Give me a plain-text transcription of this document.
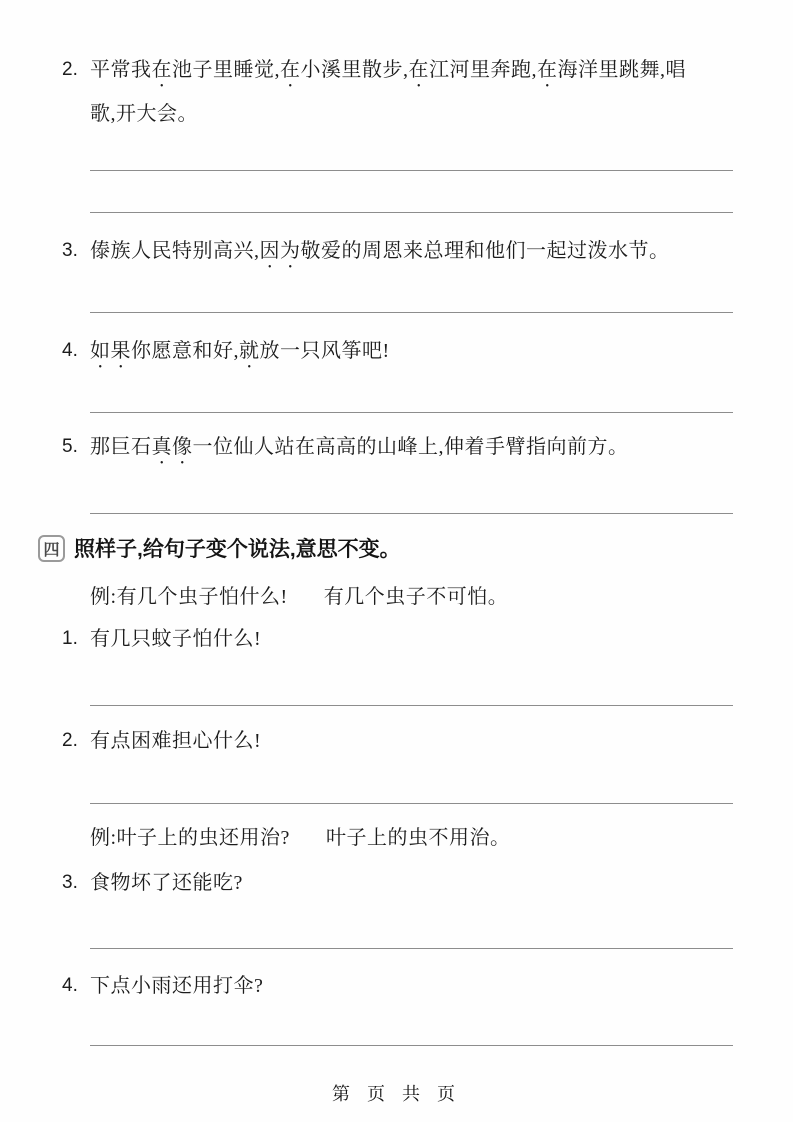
2. 平常我在池子里睡觉,在小溪里散步,在江河里奔跑,在海洋里跳舞,唱
歌,开大会。
3. 傣族人民特别高兴,因为敬爱的周恩来总理和他们一起过泼水节。
4. 如果你愿意和好,就放一只风筝吧!
5. 那巨石真像一位仙人站在高高的山峰上,伸着手臂指向前方。
四 照样子,给句子变个说法,意思不变。
例:有几个虫子怕什么! 有几个虫子不可怕。
1. 有几只蚊子怕什么!
2. 有点困难担心什么!
例:叶子上的虫还用治? 叶子上的虫不用治。
3. 食物坏了还能吃?
4. 下点小雨还用打伞?
第 页 共 页
